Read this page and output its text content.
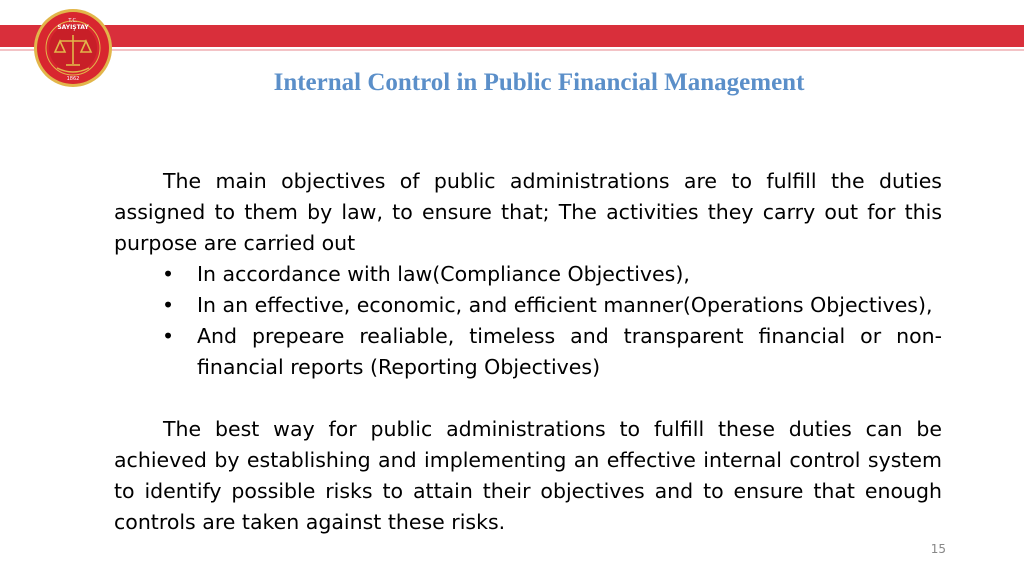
T.C.
SAYIŞTAY
1862	Internal Control in Public Financial Management

The main objectives of public administrations are to fulfill the duties assigned to them by law, to ensure that; The activities they carry out for this purpose are carried out

• In accordance with law(Compliance Objectives),
• In an effective, economic, and efficient manner(Operations Objectives),
• And prepeare realiable, timeless and transparent financial or non-financial reports (Reporting Objectives)

The best way for public administrations to fulfill these duties can be achieved by establishing and implementing an effective internal control system to identify possible risks to attain their objectives and to ensure that enough controls are taken against these risks.

15
